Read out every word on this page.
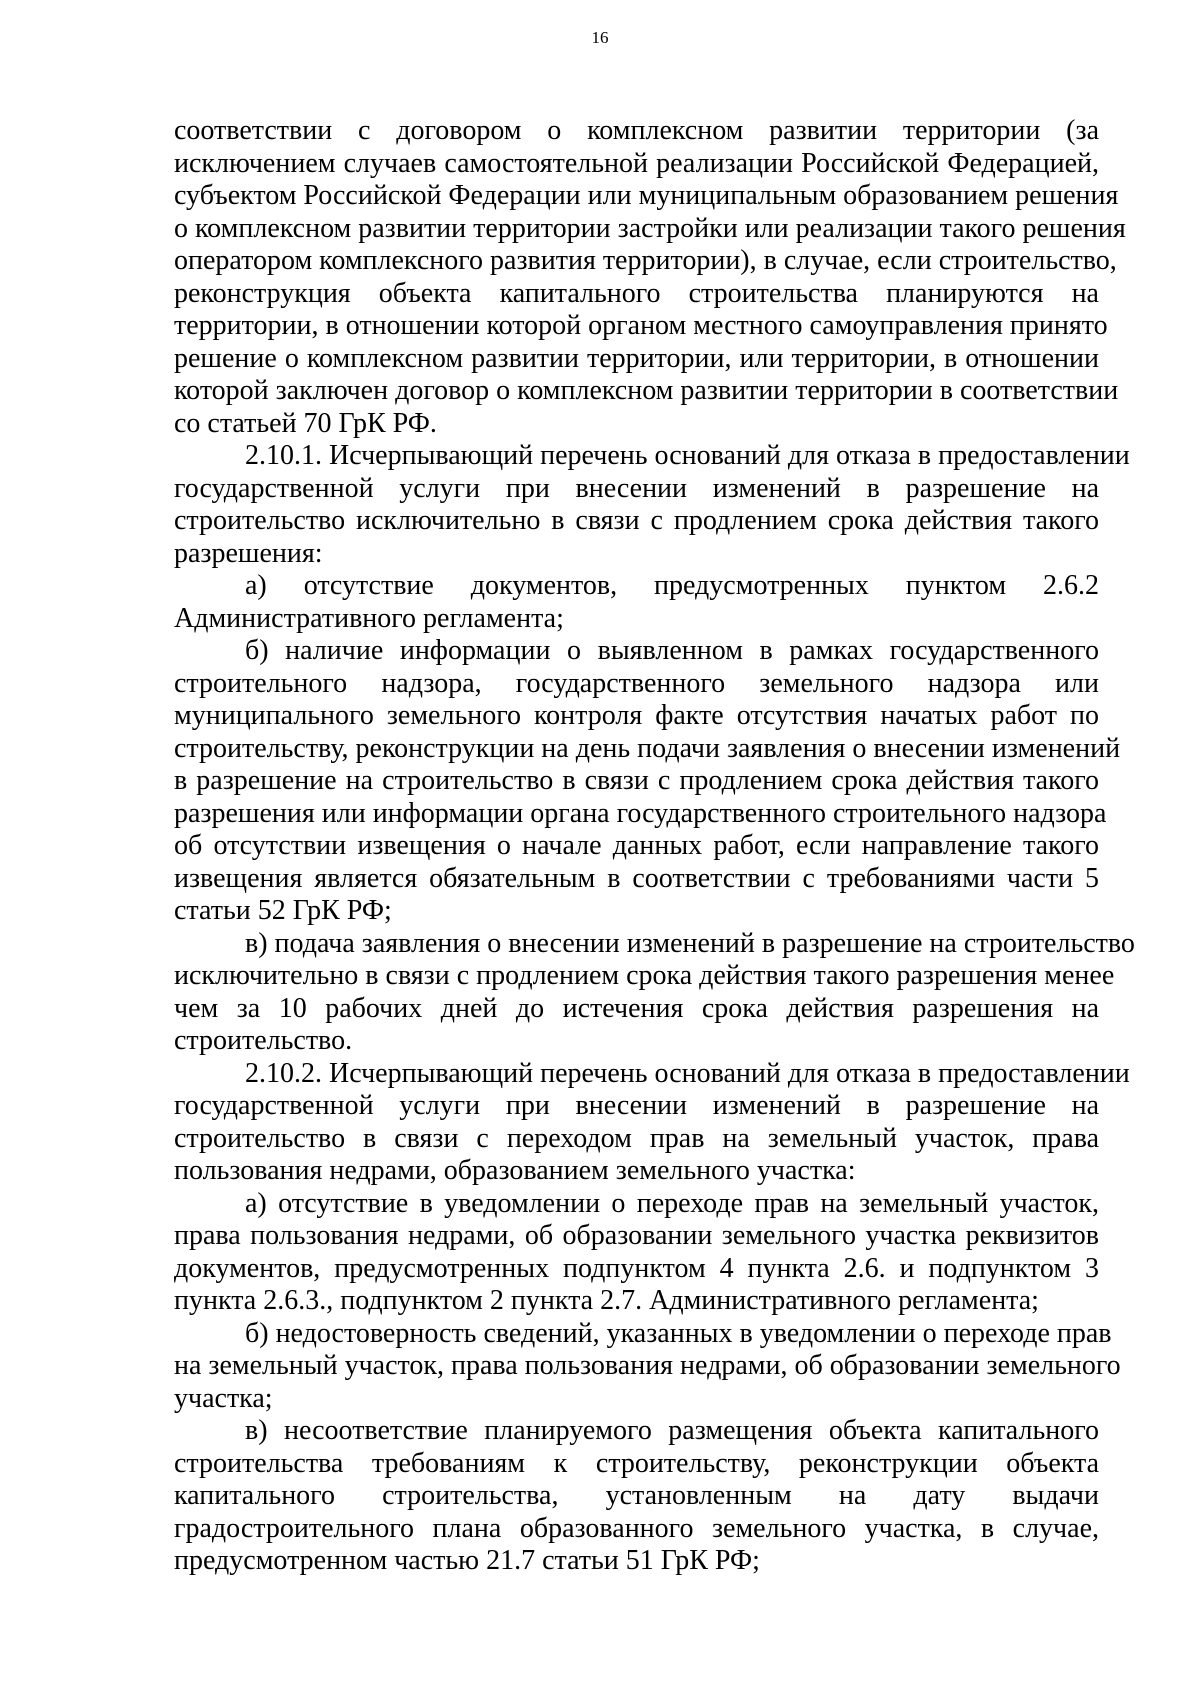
16
соответствии с договором о комплексном развитии территории (за
исключением случаев самостоятельной реализации Российской Федерацией,
субъектом Российской Федерации или муниципальным образованием решения
о комплексном развитии территории застройки или реализации такого решения
оператором комплексного развития территории), в случае, если строительство,
реконструкция объекта капитального строительства планируются на
территории, в отношении которой органом местного самоуправления принято
решение о комплексном развитии территории, или территории, в отношении
которой заключен договор о комплексном развитии территории в соответствии
со статьей 70 ГрК РФ.
2.10.1. Исчерпывающий перечень оснований для отказа в предоставлении
государственной услуги при внесении изменений в разрешение на
строительство исключительно в связи с продлением срока действия такого
разрешения:
а) отсутствие документов, предусмотренных пунктом 2.6.2
Административного регламента;
б) наличие информации о выявленном в рамках государственного
строительного надзора, государственного земельного надзора или
муниципального земельного контроля факте отсутствия начатых работ по
строительству, реконструкции на день подачи заявления о внесении изменений
в разрешение на строительство в связи с продлением срока действия такого
разрешения или информации органа государственного строительного надзора
об отсутствии извещения о начале данных работ, если направление такого
извещения является обязательным в соответствии с требованиями части 5
статьи 52 ГрК РФ;
в) подача заявления о внесении изменений в разрешение на строительство
исключительно в связи с продлением срока действия такого разрешения менее
чем за 10 рабочих дней до истечения срока действия разрешения на
строительство.
2.10.2. Исчерпывающий перечень оснований для отказа в предоставлении
государственной услуги при внесении изменений в разрешение на
строительство в связи с переходом прав на земельный участок, права
пользования недрами, образованием земельного участка:
а) отсутствие в уведомлении о переходе прав на земельный участок,
права пользования недрами, об образовании земельного участка реквизитов
документов, предусмотренных подпунктом 4 пункта 2.6. и подпунктом 3
пункта 2.6.3., подпунктом 2 пункта 2.7. Административного регламента;
б) недостоверность сведений, указанных в уведомлении о переходе прав
на земельный участок, права пользования недрами, об образовании земельного
участка;
в) несоответствие планируемого размещения объекта капитального
строительства требованиям к строительству, реконструкции объекта
капитального строительства, установленным на дату выдачи
градостроительного плана образованного земельного участка, в случае,
предусмотренном частью 21.7 статьи 51 ГрК РФ;
